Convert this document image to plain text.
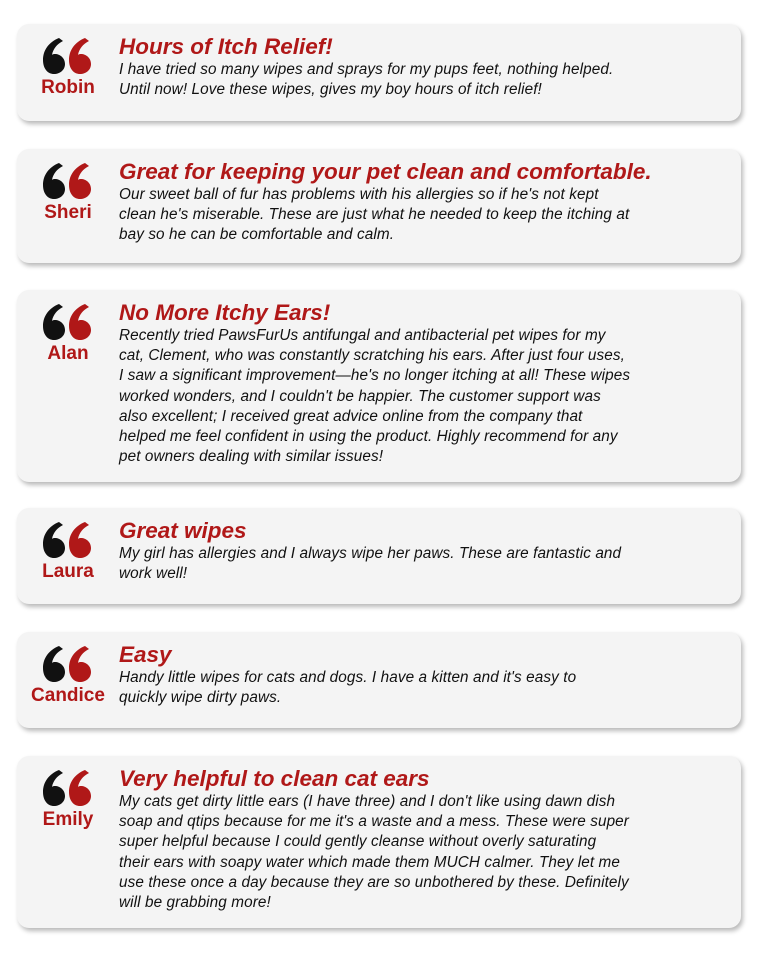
Robin

Hours of Itch Relief!

I have tried so many wipes and sprays for my pups feet, nothing helped.
Until now! Love these wipes, gives my boy hours of itch relief!

Sheri

Great for keeping your pet clean and comfortable.

Our sweet ball of fur has problems with his allergies so if he's not kept
clean he's miserable. These are just what he needed to keep the itching at
bay so he can be comfortable and calm.

Alan

No More Itchy Ears!

Recently tried PawsFurUs antifungal and antibacterial pet wipes for my
cat, Clement, who was constantly scratching his ears. After just four uses,
I saw a significant improvement—he's no longer itching at all! These wipes
worked wonders, and I couldn't be happier. The customer support was
also excellent; I received great advice online from the company that
helped me feel confident in using the product. Highly recommend for any
pet owners dealing with similar issues!

Laura

Great wipes

My girl has allergies and I always wipe her paws. These are fantastic and
work well!

Candice

Easy

Handy little wipes for cats and dogs. I have a kitten and it's easy to
quickly wipe dirty paws.

Emily

Very helpful to clean cat ears

My cats get dirty little ears (I have three) and I don't like using dawn dish
soap and qtips because for me it's a waste and a mess. These were super
super helpful because I could gently cleanse without overly saturating
their ears with soapy water which made them MUCH calmer. They let me
use these once a day because they are so unbothered by these. Definitely
will be grabbing more!
